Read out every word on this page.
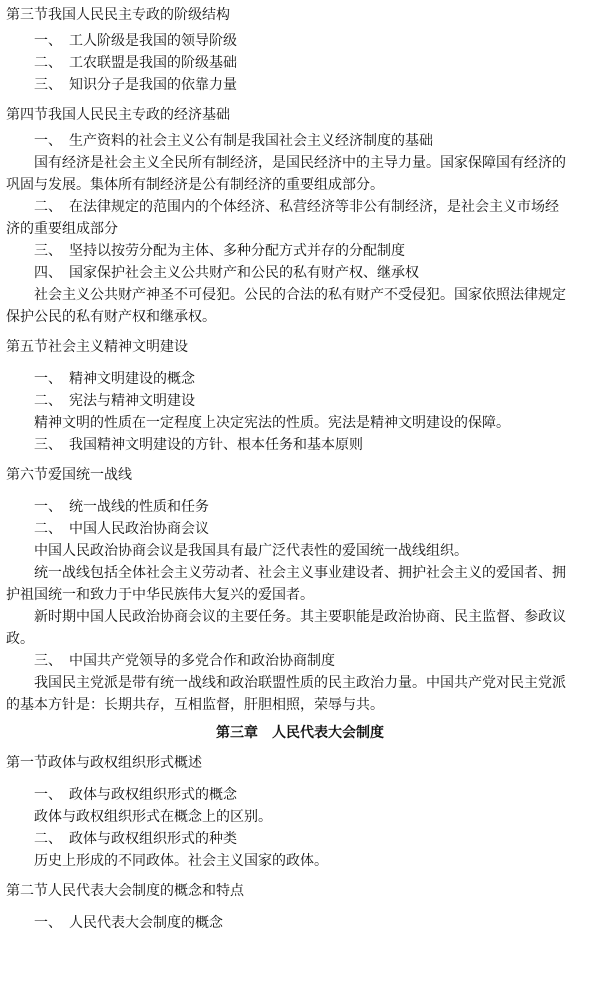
第三节我国人民民主专政的阶级结构
一、　工人阶级是我国的领导阶级
二、　工农联盟是我国的阶级基础
三、　知识分子是我国的依靠力量
第四节我国人民民主专政的经济基础
一、　生产资料的社会主义公有制是我国社会主义经济制度的基础
国有经济是社会主义全民所有制经济，是国民经济中的主导力量。国家保障国有经济的
巩固与发展。集体所有制经济是公有制经济的重要组成部分。
二、　在法律规定的范围内的个体经济、私营经济等非公有制经济，是社会主义市场经
济的重要组成部分
三、　坚持以按劳分配为主体、多种分配方式并存的分配制度
四、　国家保护社会主义公共财产和公民的私有财产权、继承权
社会主义公共财产神圣不可侵犯。公民的合法的私有财产不受侵犯。国家依照法律规定
保护公民的私有财产权和继承权。
第五节社会主义精神文明建设
一、　精神文明建设的概念
二、　宪法与精神文明建设
精神文明的性质在一定程度上决定宪法的性质。宪法是精神文明建设的保障。
三、　我国精神文明建设的方针、根本任务和基本原则
第六节爱国统一战线
一、　统一战线的性质和任务
二、　中国人民政治协商会议
中国人民政治协商会议是我国具有最广泛代表性的爱国统一战线组织。
统一战线包括全体社会主义劳动者、社会主义事业建设者、拥护社会主义的爱国者、拥
护祖国统一和致力于中华民族伟大复兴的爱国者。
新时期中国人民政治协商会议的主要任务。其主要职能是政治协商、民主监督、参政议
政。
三、　中国共产党领导的多党合作和政治协商制度
我国民主党派是带有统一战线和政治联盟性质的民主政治力量。中国共产党对民主党派
的基本方针是：长期共存，互相监督，肝胆相照，荣辱与共。
第三章　人民代表大会制度
第一节政体与政权组织形式概述
一、　政体与政权组织形式的概念
政体与政权组织形式在概念上的区别。
二、　政体与政权组织形式的种类
历史上形成的不同政体。社会主义国家的政体。
第二节人民代表大会制度的概念和特点
一、　人民代表大会制度的概念
